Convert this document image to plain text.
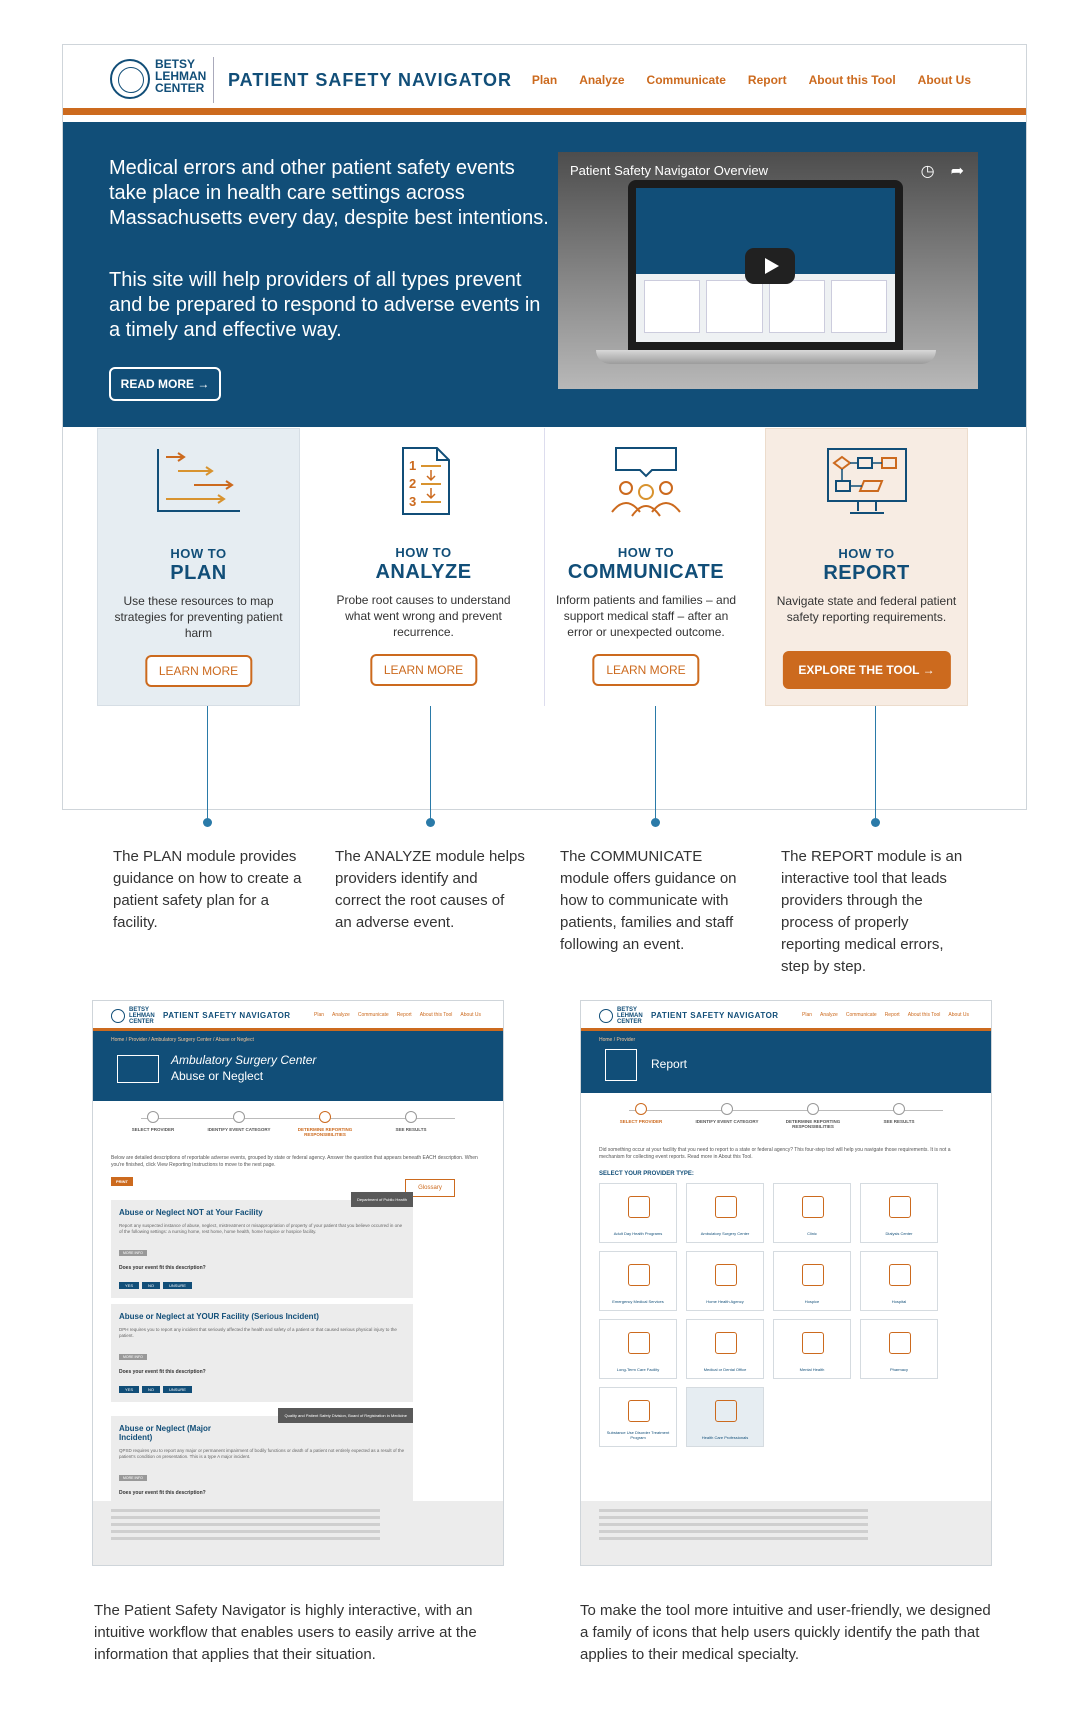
BETSY LEHMAN CENTER	PATIENT SAFETY NAVIGATOR Plan Analyze Communicate Report About this Tool About Us

Medical errors and other patient safety events take place in health care settings across Massachusetts every day, despite best intentions.

This site will help providers of all types prevent and be prepared to respond to adverse events in a timely and effective way.

READ MORE →
Patient Safety Navigator Overview	◷ ➦
HOW TO
PLAN
Use these resources to map strategies for preventing patient harm
LEARN MORE
1
2
3
HOW TO
ANALYZE
Probe root causes to understand what went wrong and prevent recurrence.
LEARN MORE
HOW TO
COMMUNICATE
Inform patients and families – and support medical staff – after an error or unexpected outcome.
LEARN MORE
HOW TO
REPORT
Navigate state and federal patient safety reporting requirements.
EXPLORE THE TOOL →

The PLAN module provides guidance on how to create a patient safety plan for a facility.

The ANALYZE module helps providers identify and correct the root causes of an adverse event.

The COMMUNICATE module offers guidance on how to communicate with patients, families and staff following an event.

The REPORT module is an interactive tool that leads providers through the process of properly reporting medical errors, step by step.

BETSY LEHMAN CENTER
PATIENT SAFETY NAVIGATOR	Plan Analyze Communicate Report About this Tool About Us
Home / Provider / Ambulatory Surgery Center / Abuse or Neglect
Ambulatory Surgery Center
Abuse or Neglect
SELECT PROVIDER	IDENTIFY EVENT CATEGORY	DETERMINE REPORTING RESPONSIBILITIES
SEE RESULTS

Below are detailed descriptions of reportable adverse events, grouped by state or federal agency. Answer the question that appears beneath EACH description. When you're finished, click View Reporting Instructions to move to the next page.

PRINT
Glossary
Department of Public Health
Abuse or Neglect NOT at Your Facility
Report any suspected instance of abuse, neglect, mistreatment or misappropriation of property of your patient that you believe occurred in one of the following settings: a nursing home, rest home, home health, home hospice or hospice facility.
MORE INFO
Does your event fit this description?
YES	NO	UNSURE
Abuse or Neglect at YOUR Facility (Serious Incident)
DPH requires you to report any incident that seriously affected the health and safety of a patient or that caused serious physical injury to the patient.
MORE INFO
Does your event fit this description?
YES	NO	UNSURE
Quality and Patient Safety Division, Board of Registration in Medicine
Abuse or Neglect (Major Incident)
QPSD requires you to report any major or permanent impairment of bodily functions or death of a patient not entirely expected as a result of the patient's condition on presentation. This is a type A major incident.
MORE INFO
Does your event fit this description?
BETSY LEHMAN CENTER
PATIENT SAFETY NAVIGATOR	Plan Analyze Communicate Report About this Tool About Us
Home / Provider
Report
SELECT PROVIDER	IDENTIFY EVENT CATEGORY	DETERMINE REPORTING RESPONSIBILITIES
SEE RESULTS

Did something occur at your facility that you need to report to a state or federal agency? This four-step tool will help you navigate those requirements. It is not a mechanism for collecting event reports. Read more in About this Tool.

SELECT YOUR PROVIDER TYPE:
Adult Day Health Programs	Ambulatory Surgery Center	Clinic	Dialysis Center
Emergency Medical Services	Home Health Agency	Hospice	Hospital
Long-Term Care Facility	Medical or Dental Office	Mental Health	Pharmacy
Substance Use Disorder Treatment Program	Health Care Professionals

The Patient Safety Navigator is highly interactive, with an intuitive workflow that enables users to easily arrive at the information that applies that their situation.

To make the tool more intuitive and user-friendly, we designed a family of icons that help users quickly identify the path that applies to their medical specialty.
